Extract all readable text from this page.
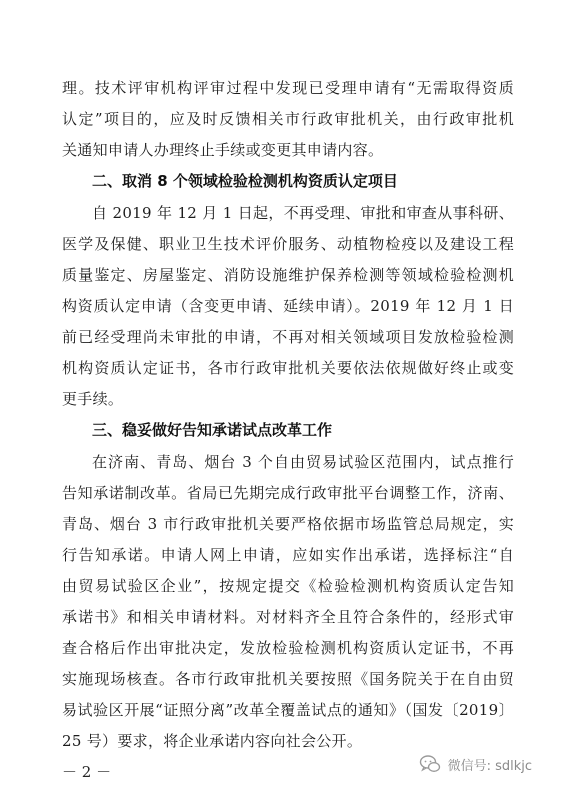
理。技术评审机构评审过程中发现已受理申请有“无需取得资质
认定”项目的，应及时反馈相关市行政审批机关，由行政审批机
关通知申请人办理终止手续或变更其申请内容。
二、取消 8 个领域检验检测机构资质认定项目
自 2019 年 12 月 1 日起，不再受理、审批和审查从事科研、
医学及保健、职业卫生技术评价服务、动植物检疫以及建设工程
质量鉴定、房屋鉴定、消防设施维护保养检测等领域检验检测机
构资质认定申请（含变更申请、延续申请）。2019 年 12 月 1 日
前已经受理尚未审批的申请，不再对相关领域项目发放检验检测
机构资质认定证书，各市行政审批机关要依法依规做好终止或变
更手续。
三、稳妥做好告知承诺试点改革工作
在济南、青岛、烟台 3 个自由贸易试验区范围内，试点推行
告知承诺制改革。省局已先期完成行政审批平台调整工作，济南、
青岛、烟台 3 市行政审批机关要严格依据市场监管总局规定，实
行告知承诺。申请人网上申请，应如实作出承诺，选择标注“自
由贸易试验区企业”，按规定提交《检验检测机构资质认定告知
承诺书》和相关申请材料。对材料齐全且符合条件的，经形式审
查合格后作出审批决定，发放检验检测机构资质认定证书，不再
实施现场核查。各市行政审批机关要按照《国务院关于在自由贸
易试验区开展“证照分离”改革全覆盖试点的通知》（国发〔2019〕
25 号）要求，将企业承诺内容向社会公开。
－ 2 －	微信号: sdlkjc
